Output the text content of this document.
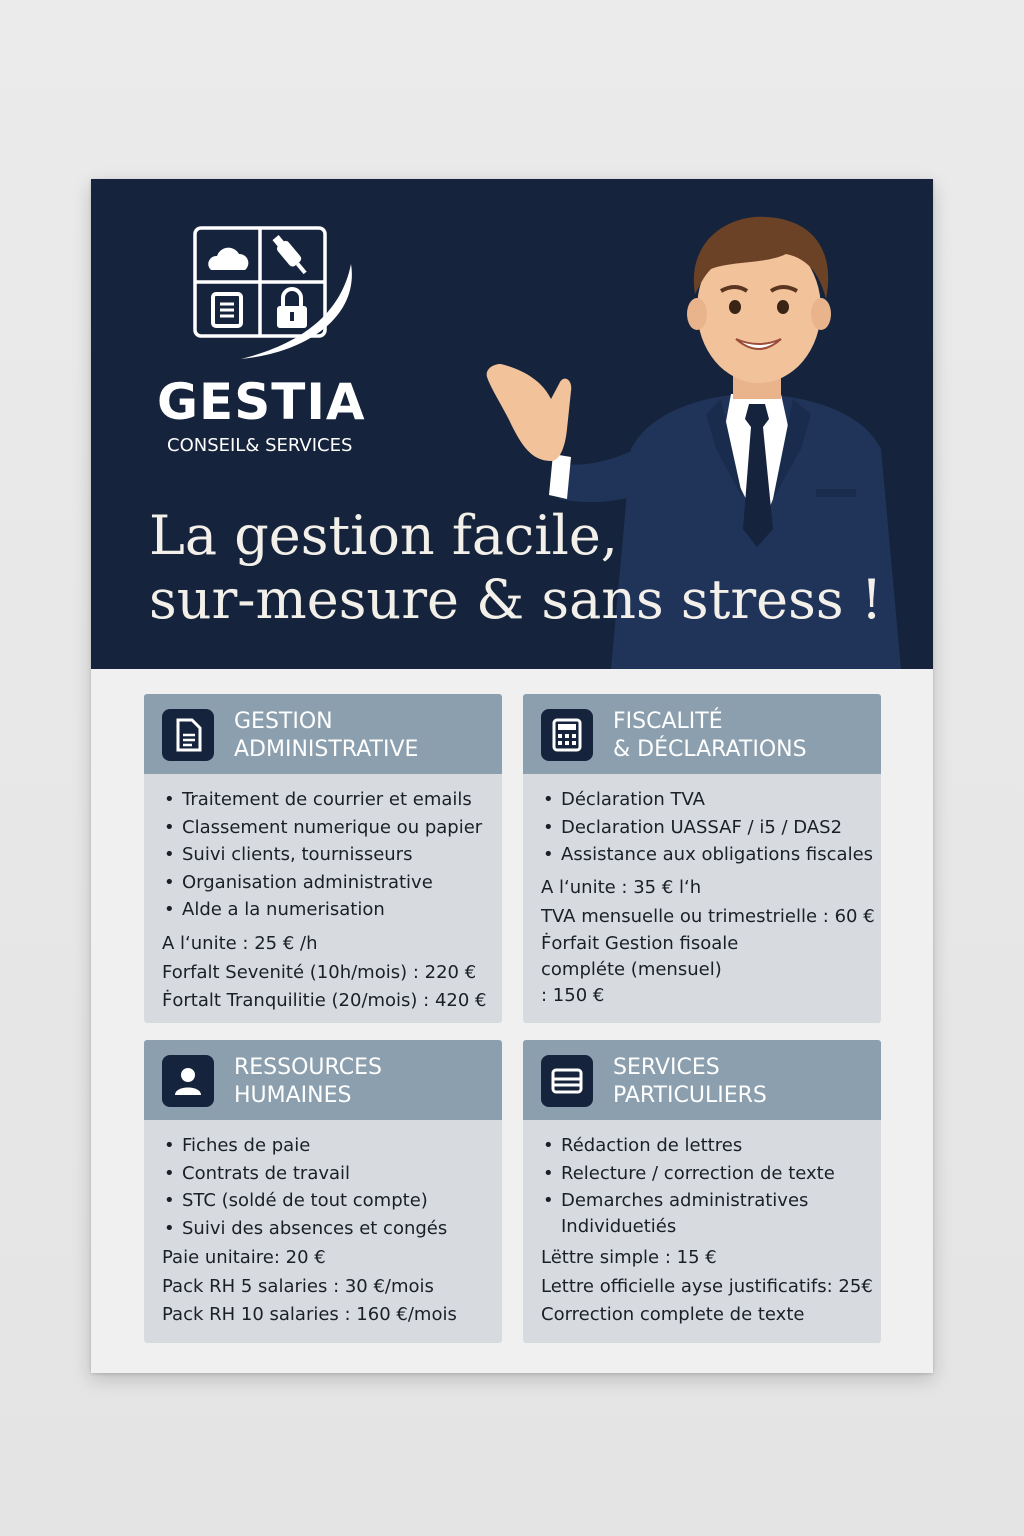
GESTIA
CONSEIL& SERVICES
La gestion facile,
sur-mesure & sans stress !
GESTION
ADMINISTRATIVE
• Traitement de courrier et emails
• Classement numerique ou papier
• Suivi clients, tournisseurs
• Organisation administrative
• Alde a la numerisation
A l‘unite : 25 € /h
Forfalt Sevenité (10h/mois) : 220 €
Ḟortalt Tranquilitie (20/mois) : 420 €
FISCALITÉ
& DÉCLARATIONS
• Déclaration TVA
• Declaration UASSAF / i5 / DAS2
• Assistance aux obligations fiscales
A l‘unite : 35 € l‘h
TVA mensuelle ou trimestrielle : 60 €
Ḟorfait Gestion fisoale
compléte (mensuel)
: 150 €
RESSOURCES
HUMAINES
• Fiches de paie
• Contrats de travail
• STC (soldé de tout compte)
• Suivi des absences et congés
Paie unitaire: 20 €
Pack RH 5 salaries : 30 €/mois
Pack RH 10 salaries : 160 €/mois
SERVICES
PARTICULIERS
• Rédaction de lettres
• Relecture / correction de texte
• Demarches administratives
Individuetiés
Lëttre simple : 15 €
Lettre officielle ayse justificatifs: 25€
Correction complete de texte
